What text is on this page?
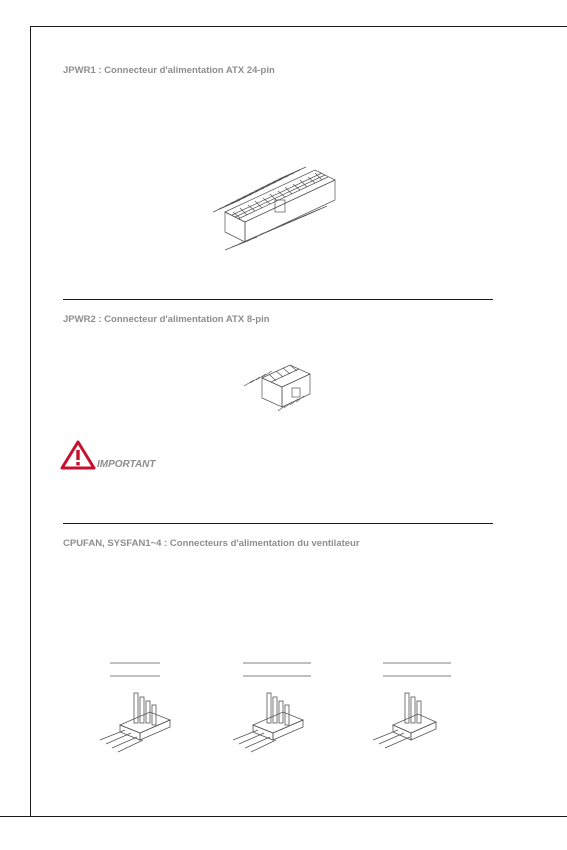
JPWR1 : Connecteur d'alimentation ATX 24-pin
JPWR2 : Connecteur d'alimentation ATX 8-pin
IMPORTANT
CPUFAN, SYSFAN1~4 : Connecteurs d'alimentation du ventilateur
